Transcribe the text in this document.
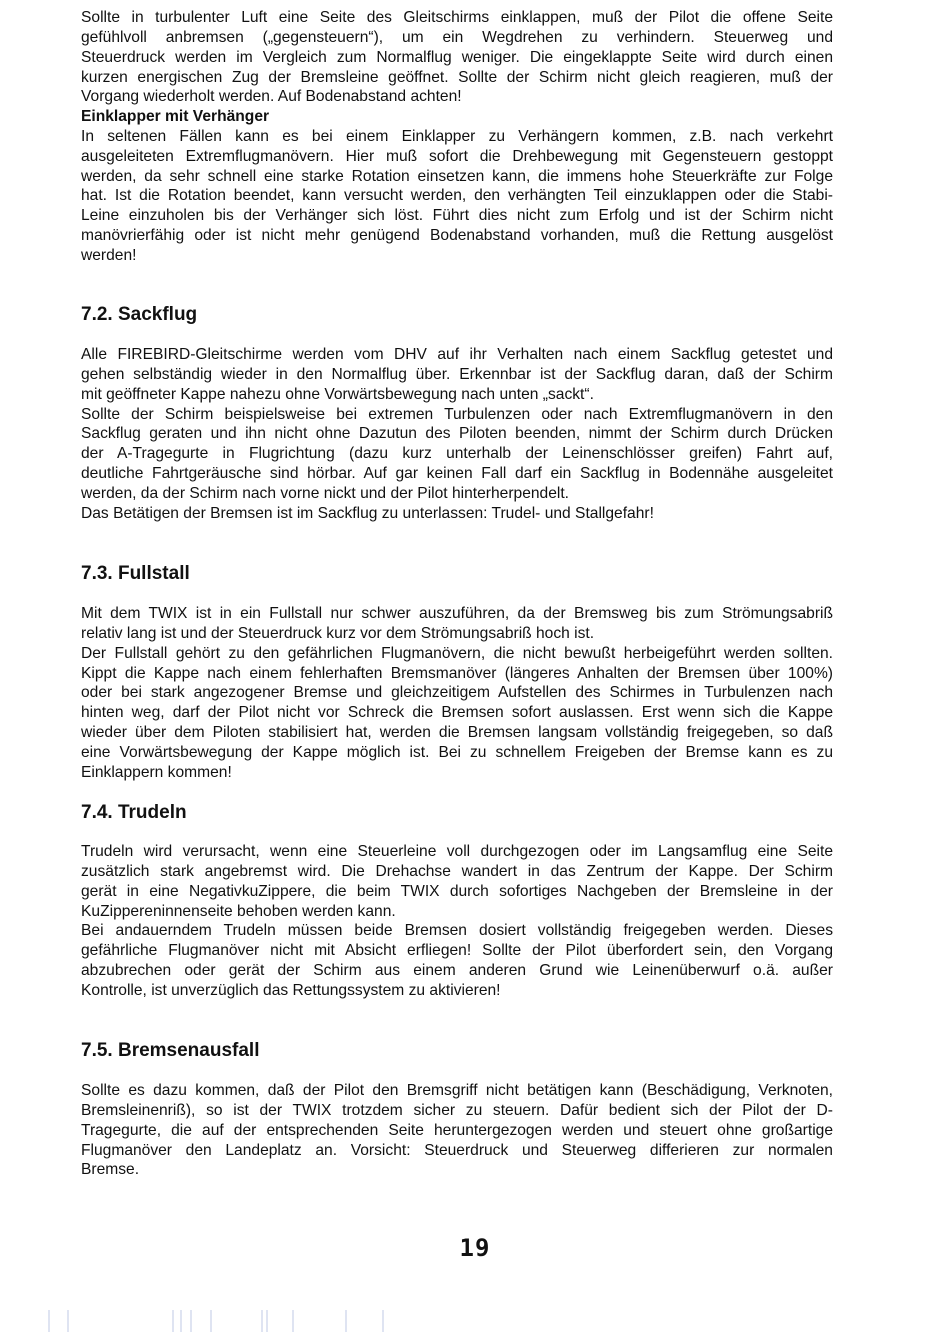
Sollte in turbulenter Luft eine Seite des Gleitschirms einklappen, muß der Pilot die offene Seite
gefühlvoll anbremsen („gegensteuern“), um ein Wegdrehen zu verhindern. Steuerweg und
Steuerdruck werden im Vergleich zum Normalflug weniger. Die eingeklappte Seite wird durch einen
kurzen energischen Zug der Bremsleine geöffnet. Sollte der Schirm nicht gleich reagieren, muß der
Vorgang wiederholt werden. Auf Bodenabstand achten!
Einklapper mit Verhänger
In seltenen Fällen kann es bei einem Einklapper zu Verhängern kommen, z.B. nach verkehrt
ausgeleiteten Extremflugmanövern. Hier muß sofort die Drehbewegung mit Gegensteuern gestoppt
werden, da sehr schnell eine starke Rotation einsetzen kann, die immens hohe Steuerkräfte zur Folge
hat. Ist die Rotation beendet, kann versucht werden, den verhängten Teil einzuklappen oder die Stabi-
Leine einzuholen bis der Verhänger sich löst. Führt dies nicht zum Erfolg und ist der Schirm nicht
manövrierfähig oder ist nicht mehr genügend Bodenabstand vorhanden, muß die Rettung ausgelöst
werden!
7.2. Sackflug
Alle FIREBIRD-Gleitschirme werden vom DHV auf ihr Verhalten nach einem Sackflug getestet und
gehen selbständig wieder in den Normalflug über. Erkennbar ist der Sackflug daran, daß der Schirm
mit geöffneter Kappe nahezu ohne Vorwärtsbewegung nach unten „sackt“.
Sollte der Schirm beispielsweise bei extremen Turbulenzen oder nach Extremflugmanövern in den
Sackflug geraten und ihn nicht ohne Dazutun des Piloten beenden, nimmt der Schirm durch Drücken
der A-Tragegurte in Flugrichtung (dazu kurz unterhalb der Leinenschlösser greifen) Fahrt auf,
deutliche Fahrtgeräusche sind hörbar. Auf gar keinen Fall darf ein Sackflug in Bodennähe ausgeleitet
werden, da der Schirm nach vorne nickt und der Pilot hinterherpendelt.
Das Betätigen der Bremsen ist im Sackflug zu unterlassen: Trudel- und Stallgefahr!
7.3. Fullstall
Mit dem TWIX ist in ein Fullstall nur schwer auszuführen, da der Bremsweg bis zum Strömungsabriß
relativ lang ist und der Steuerdruck kurz vor dem Strömungsabriß hoch ist.
Der Fullstall gehört zu den gefährlichen Flugmanövern, die nicht bewußt herbeigeführt werden sollten.
Kippt die Kappe nach einem fehlerhaften Bremsmanöver (längeres Anhalten der Bremsen über 100%)
oder bei stark angezogener Bremse und gleichzeitigem Aufstellen des Schirmes in Turbulenzen nach
hinten weg, darf der Pilot nicht vor Schreck die Bremsen sofort auslassen. Erst wenn sich die Kappe
wieder über dem Piloten stabilisiert hat, werden die Bremsen langsam vollständig freigegeben, so daß
eine Vorwärtsbewegung der Kappe möglich ist. Bei zu schnellem Freigeben der Bremse kann es zu
Einklappern kommen!
7.4. Trudeln
Trudeln wird verursacht, wenn eine Steuerleine voll durchgezogen oder im Langsamflug eine Seite
zusätzlich stark angebremst wird. Die Drehachse wandert in das Zentrum der Kappe. Der Schirm
gerät in eine NegativkuZippere, die beim TWIX durch sofortiges Nachgeben der Bremsleine in der
KuZippereninnenseite behoben werden kann.
Bei andauerndem Trudeln müssen beide Bremsen dosiert vollständig freigegeben werden. Dieses
gefährliche Flugmanöver nicht mit Absicht erfliegen! Sollte der Pilot überfordert sein, den Vorgang
abzubrechen oder gerät der Schirm aus einem anderen Grund wie Leinenüberwurf o.ä. außer
Kontrolle, ist unverzüglich das Rettungssystem zu aktivieren!
7.5. Bremsenausfall
Sollte es dazu kommen, daß der Pilot den Bremsgriff nicht betätigen kann (Beschädigung, Verknoten,
Bremsleinenriß), so ist der TWIX trotzdem sicher zu steuern. Dafür bedient sich der Pilot der D-
Tragegurte, die auf der entsprechenden Seite heruntergezogen werden und steuert ohne großartige
Flugmanöver den Landeplatz an. Vorsicht: Steuerdruck und Steuerweg differieren zur normalen
Bremse.
19
